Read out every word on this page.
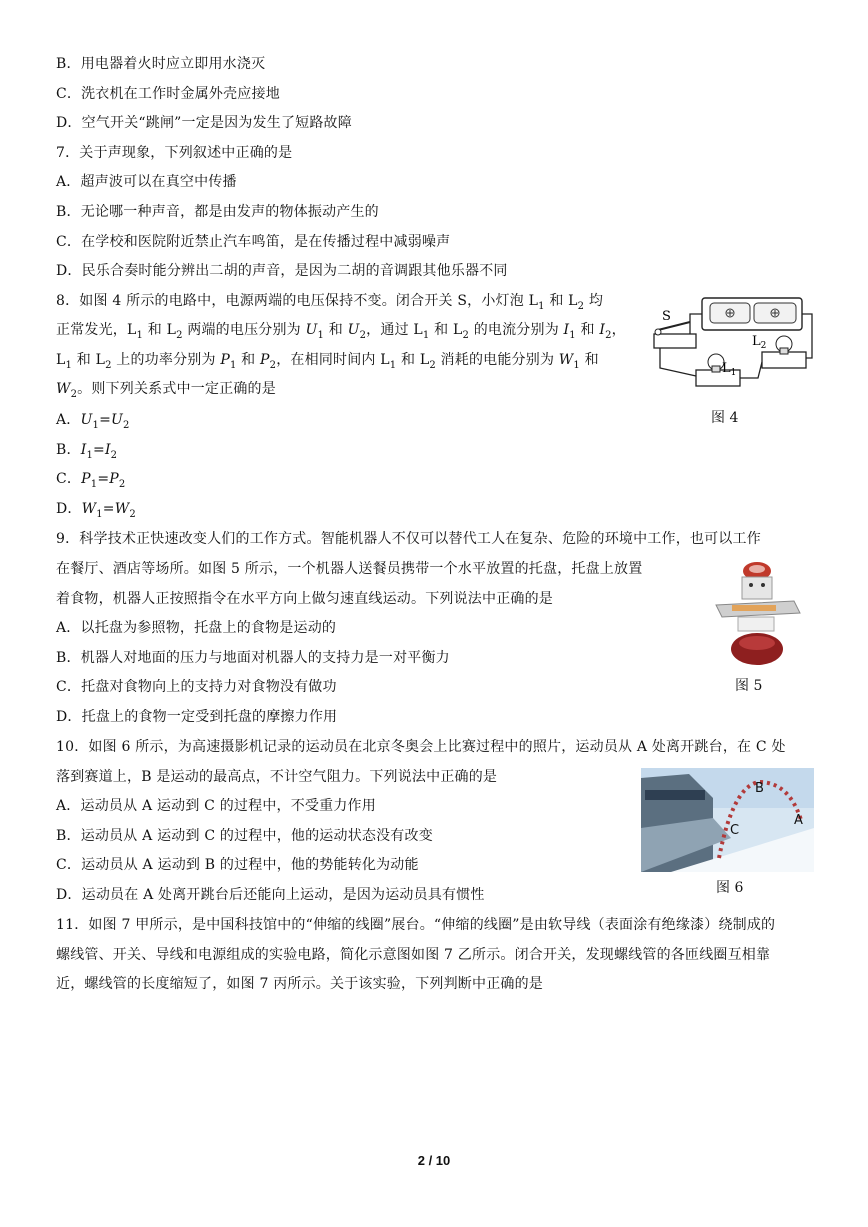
B．用电器着火时应立即用水浇灭
C．洗衣机在工作时金属外壳应接地
D．空气开关“跳闸”一定是因为发生了短路故障
7．关于声现象，下列叙述中正确的是
A．超声波可以在真空中传播
B．无论哪一种声音，都是由发声的物体振动产生的
C．在学校和医院附近禁止汽车鸣笛，是在传播过程中减弱噪声
D．民乐合奏时能分辨出二胡的声音，是因为二胡的音调跟其他乐器不同
8．如图 4 所示的电路中，电源两端的电压保持不变。闭合开关 S，小灯泡 $L_1$ 和 $L_2$ 均
正常发光，$L_1$ 和 $L_2$ 两端的电压分别为 $U_1$ 和 $U_2$，通过 $L_1$ 和 $L_2$ 的电流分别为 $I_1$ 和 $I_2$，
$L_1$ 和 $L_2$ 上的功率分别为 $P_1$ 和 $P_2$，在相同时间内 $L_1$ 和 $L_2$ 消耗的电能分别为 $W_1$ 和
$W_2$。则下列关系式中一定正确的是
A．$U_1=U_2$
B．$I_1=I_2$
C．$P_1=P_2$
D．$W_1=W_2$
9．科学技术正快速改变人们的工作方式。智能机器人不仅可以替代工人在复杂、危险的环境中工作，也可以工作
在餐厅、酒店等场所。如图 5 所示，一个机器人送餐员携带一个水平放置的托盘，托盘上放置
着食物，机器人正按照指令在水平方向上做匀速直线运动。下列说法中正确的是
A．以托盘为参照物，托盘上的食物是运动的
B．机器人对地面的压力与地面对机器人的支持力是一对平衡力
C．托盘对食物向上的支持力对食物没有做功
D．托盘上的食物一定受到托盘的摩擦力作用
10．如图 6 所示，为高速摄影机记录的运动员在北京冬奥会上比赛过程中的照片，运动员从 A 处离开跳台，在 C 处
落到赛道上，B 是运动的最高点，不计空气阻力。下列说法中正确的是
A．运动员从 A 运动到 C 的过程中，不受重力作用
B．运动员从 A 运动到 C 的过程中，他的运动状态没有改变
C．运动员从 A 运动到 B 的过程中，他的势能转化为动能
D．运动员在 A 处离开跳台后还能向上运动，是因为运动员具有惯性
11．如图 7 甲所示，是中国科技馆中的“伸缩的线圈”展台。“伸缩的线圈”是由软导线（表面涂有绝缘漆）绕制成的
螺线管、开关、导线和电源组成的实验电路，简化示意图如图 7 乙所示。闭合开关，发现螺线管的各匝线圈互相靠
近，螺线管的长度缩短了，如图 7 丙所示。关于该实验，下列判断中正确的是
S
$L_2$
$L_1$
图 4
图 5
B
A
C
图 6
2 / 10
